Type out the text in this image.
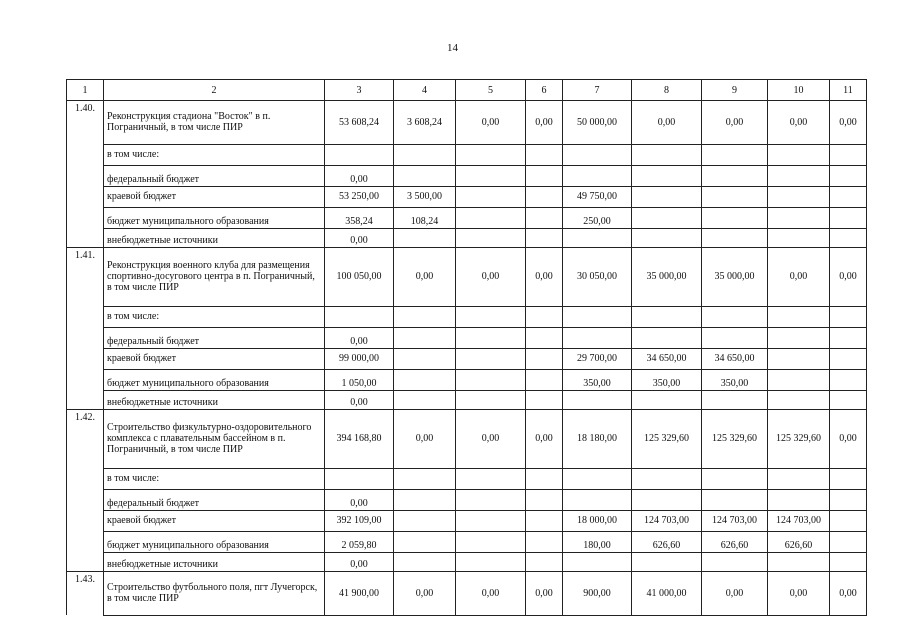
14
1	2	3	4	5	6	7	8	9	10	11
1.40.	Реконструкция стадиона "Восток" в п. Пограничный, в том числе ПИР	53 608,24	3 608,24	0,00	0,00	50 000,00	0,00	0,00	0,00	0,00
	в том числе:									
	федеральный бюджет	0,00								
	краевой бюджет	53 250,00	3 500,00			49 750,00				
	бюджет муниципального образования	358,24	108,24			250,00				
	внебюджетные источники	0,00								
1.41.	Реконструкция военного клуба для размещения спортивно-досугового центра в п. Пограничный, в том числе ПИР	100 050,00	0,00	0,00	0,00	30 050,00	35 000,00	35 000,00	0,00	0,00
	в том числе:									
	федеральный бюджет	0,00								
	краевой бюджет	99 000,00				29 700,00	34 650,00	34 650,00		
	бюджет муниципального образования	1 050,00				350,00	350,00	350,00		
	внебюджетные источники	0,00								
1.42.	Строительство физкультурно-оздоровительного комплекса с плавательным бассейном в п. Пограничный, в том числе ПИР	394 168,80	0,00	0,00	0,00	18 180,00	125 329,60	125 329,60	125 329,60	0,00
	в том числе:									
	федеральный бюджет	0,00								
	краевой бюджет	392 109,00				18 000,00	124 703,00	124 703,00	124 703,00	
	бюджет муниципального образования	2 059,80				180,00	626,60	626,60	626,60	
	внебюджетные источники	0,00								
1.43.	Строительство футбольного поля, пгт Лучегорск, в том числе ПИР	41 900,00	0,00	0,00	0,00	900,00	41 000,00	0,00	0,00	0,00
